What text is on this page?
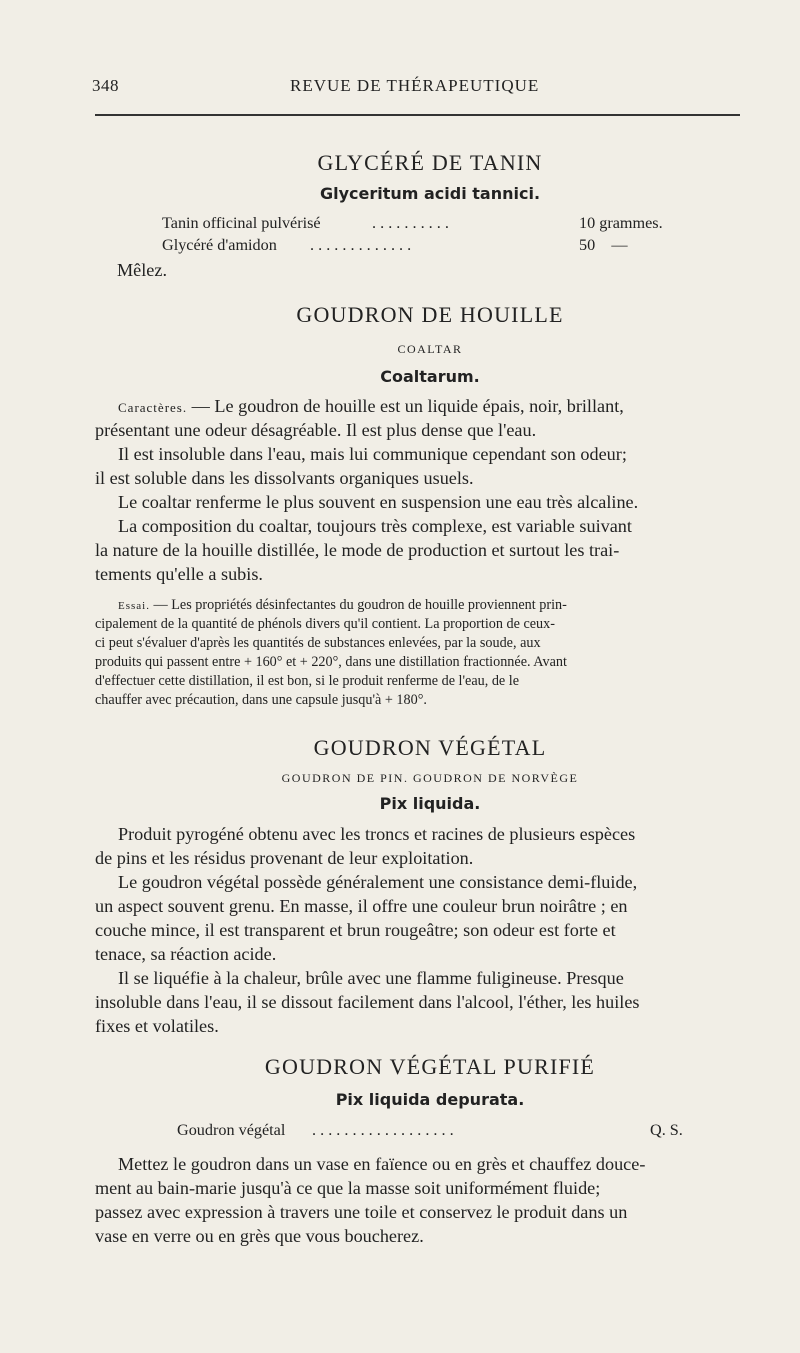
348	REVUE DE THÉRAPEUTIQUE
GLYCÉRÉ DE TANIN
Glyceritum acidi tannici.
Tanin officinal pulvérisé	. . . . . . . . . .	10 grammes.
Glycéré d'amidon . . . . . . . . . . . . .	50    —
Mêlez.
GOUDRON DE HOUILLE
COALTAR
Coaltarum.
Caractères. — Le goudron de houille est un liquide épais, noir, brillant,
présentant une odeur désagréable. Il est plus dense que l'eau.
Il est insoluble dans l'eau, mais lui communique cependant son odeur;
il est soluble dans les dissolvants organiques usuels.
Le coaltar renferme le plus souvent en suspension une eau très alcaline.
La composition du coaltar, toujours très complexe, est variable suivant
la nature de la houille distillée, le mode de production et surtout les trai-
tements qu'elle a subis.
Essai. — Les propriétés désinfectantes du goudron de houille proviennent prin-
cipalement de la quantité de phénols divers qu'il contient. La proportion de ceux-
ci peut s'évaluer d'après les quantités de substances enlevées, par la soude, aux
produits qui passent entre + 160° et + 220°, dans une distillation fractionnée. Avant
d'effectuer cette distillation, il est bon, si le produit renferme de l'eau, de le
chauffer avec précaution, dans une capsule jusqu'à + 180°.
GOUDRON VÉGÉTAL
GOUDRON DE PIN. GOUDRON DE NORVÈGE
Pix liquida.
Produit pyrogéné obtenu avec les troncs et racines de plusieurs espèces
de pins et les résidus provenant de leur exploitation.
Le goudron végétal possède généralement une consistance demi-fluide,
un aspect souvent grenu. En masse, il offre une couleur brun noirâtre ; en
couche mince, il est transparent et brun rougeâtre; son odeur est forte et
tenace, sa réaction acide.
Il se liquéfie à la chaleur, brûle avec une flamme fuligineuse. Presque
insoluble dans l'eau, il se dissout facilement dans l'alcool, l'éther, les huiles
fixes et volatiles.
GOUDRON VÉGÉTAL PURIFIÉ
Pix liquida depurata.
Goudron végétal . . . . . . . . . . . . . . . . . .	Q. S.
Mettez le goudron dans un vase en faïence ou en grès et chauffez douce-
ment au bain-marie jusqu'à ce que la masse soit uniformément fluide;
passez avec expression à travers une toile et conservez le produit dans un
vase en verre ou en grès que vous boucherez.
